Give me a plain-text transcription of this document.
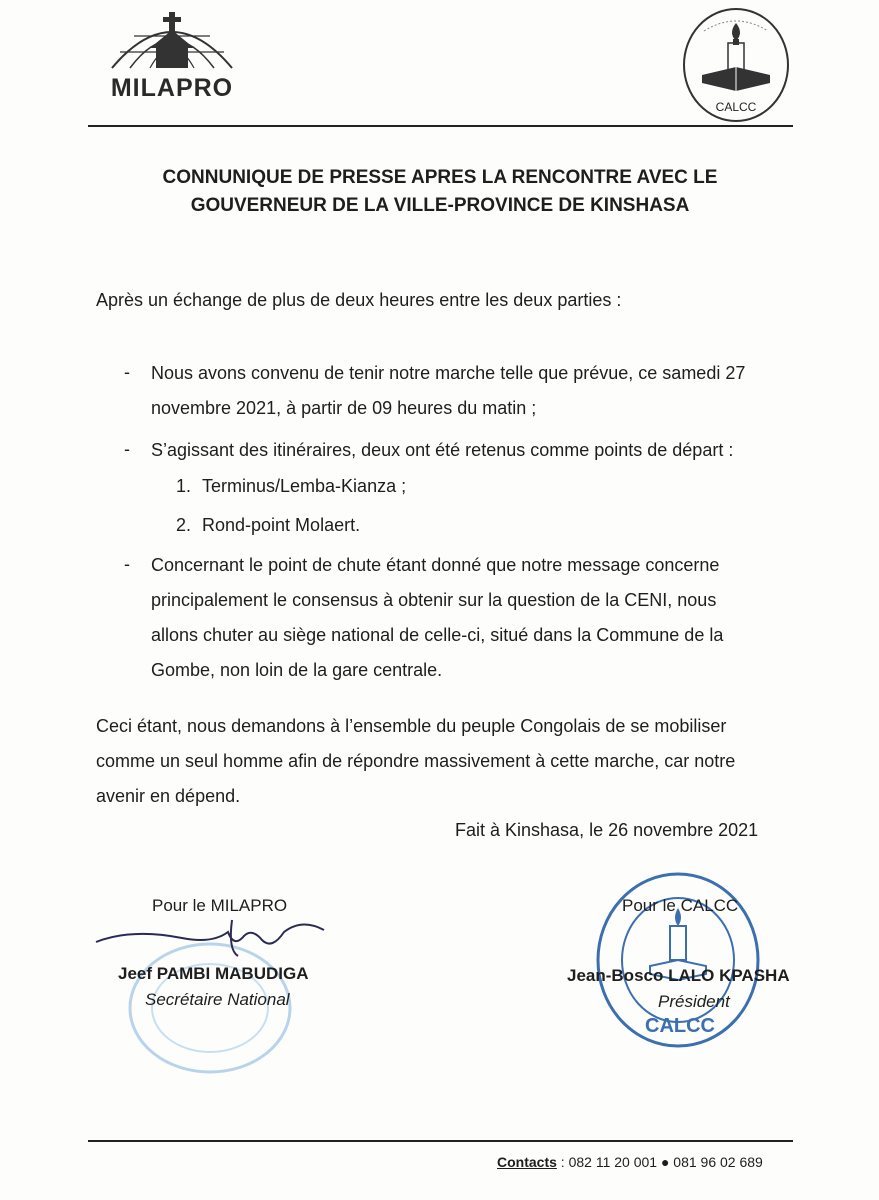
MILAPRO
CALCC
CONNUNIQUE DE PRESSE APRES LA RENCONTRE AVEC LE
GOUVERNEUR DE LA VILLE-PROVINCE DE KINSHASA
Après un échange de plus de deux heures entre les deux parties :
- Nous avons convenu de tenir notre marche telle que prévue, ce samedi 27
novembre 2021, à partir de 09 heures du matin ;
- S’agissant des itinéraires, deux ont été retenus comme points de départ :
1. Terminus/Lemba-Kianza ;
2. Rond-point Molaert.
- Concernant le point de chute étant donné que notre message concerne
principalement le consensus à obtenir sur la question de la CENI, nous
allons chuter au siège national de celle-ci, situé dans la Commune de la
Gombe, non loin de la gare centrale.
Ceci étant, nous demandons à l’ensemble du peuple Congolais de se mobiliser
comme un seul homme afin de répondre massivement à cette marche, car notre
avenir en dépend.
Fait à Kinshasa, le 26 novembre 2021
Pour le MILAPRO
Jeef PAMBI MABUDIGA
Secrétaire National
CALCC
Pour le CALCC
Jean-Bosco LALO KPASHA
Président
Contacts : 082 11 20 001 ● 081 96 02 689
